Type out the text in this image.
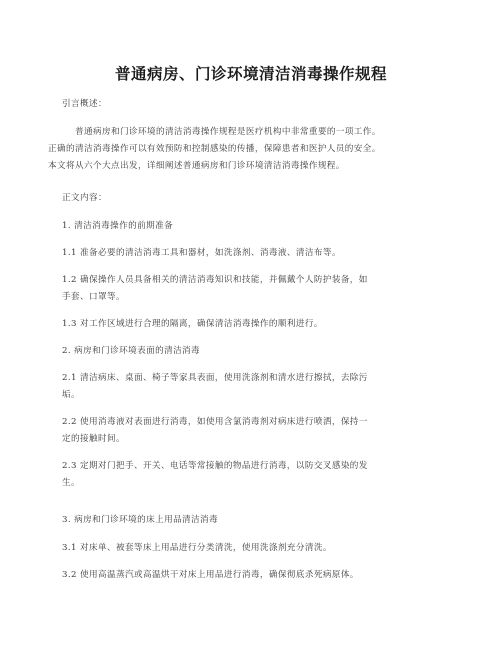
普通病房、门诊环境清洁消毒操作规程
引言概述：
普通病房和门诊环境的清洁消毒操作规程是医疗机构中非常重要的一项工作。
正确的清洁消毒操作可以有效预防和控制感染的传播，保障患者和医护人员的安全。
本文将从六个大点出发，详细阐述普通病房和门诊环境清洁消毒操作规程。
正文内容：
1. 清洁消毒操作的前期准备
1.1 准备必要的清洁消毒工具和器材，如洗涤剂、消毒液、清洁布等。
1.2 确保操作人员具备相关的清洁消毒知识和技能，并佩戴个人防护装备，如
手套、口罩等。
1.3 对工作区域进行合理的隔离，确保清洁消毒操作的顺利进行。
2. 病房和门诊环境表面的清洁消毒
2.1 清洁病床、桌面、椅子等家具表面，使用洗涤剂和清水进行擦拭，去除污
垢。
2.2 使用消毒液对表面进行消毒，如使用含氯消毒剂对病床进行喷洒，保持一
定的接触时间。
2.3 定期对门把手、开关、电话等常接触的物品进行消毒，以防交叉感染的发
生。
3. 病房和门诊环境的床上用品清洁消毒
3.1 对床单、被套等床上用品进行分类清洗，使用洗涤剂充分清洗。
3.2 使用高温蒸汽或高温烘干对床上用品进行消毒，确保彻底杀死病原体。
